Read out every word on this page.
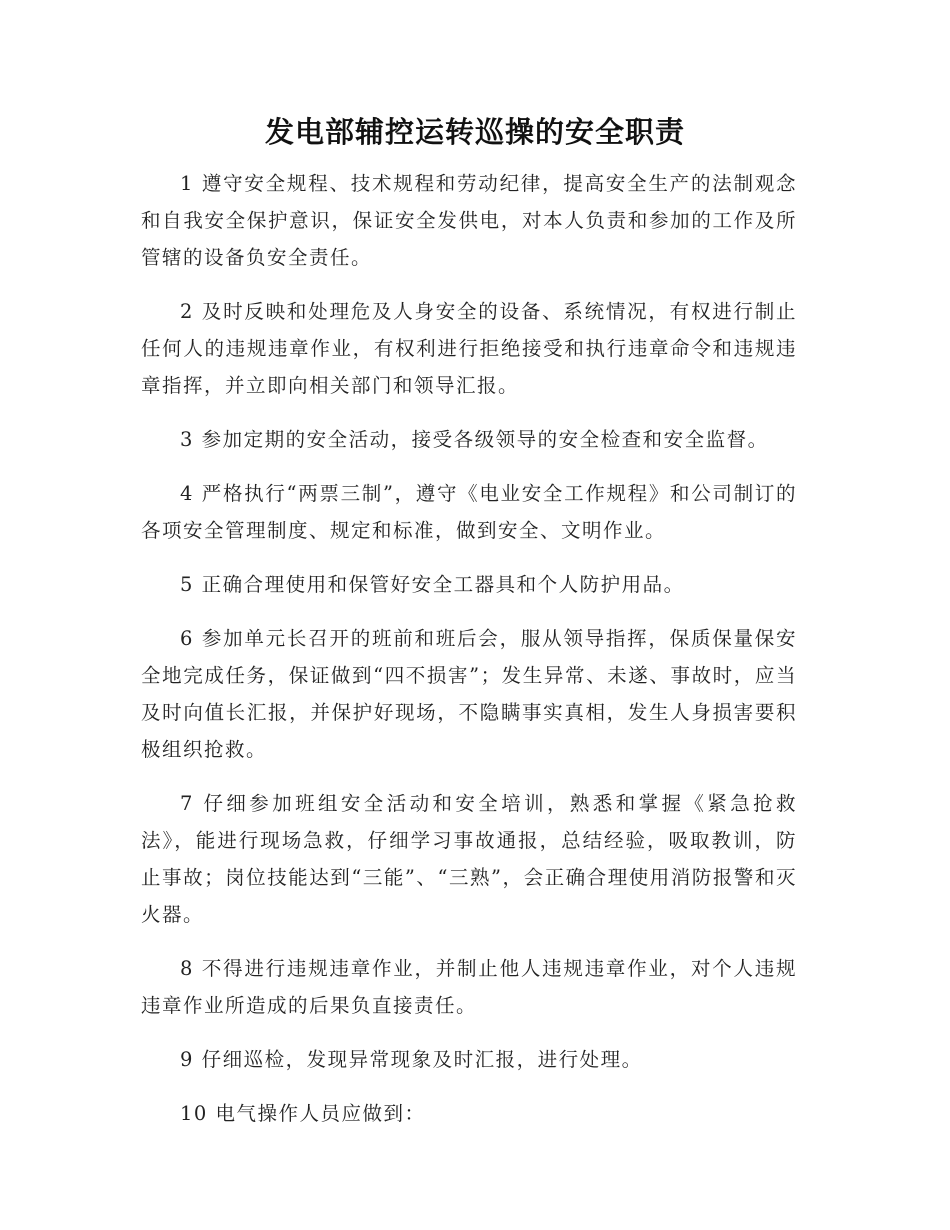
发电部辅控运转巡操的安全职责

1 遵守安全规程、技术规程和劳动纪律，提高安全生产的法制观念和自我安全保护意识，保证安全发供电，对本人负责和参加的工作及所管辖的设备负安全责任。

2 及时反映和处理危及人身安全的设备、系统情况，有权进行制止任何人的违规违章作业，有权利进行拒绝接受和执行违章命令和违规违章指挥，并立即向相关部门和领导汇报。

3 参加定期的安全活动，接受各级领导的安全检查和安全监督。

4 严格执行“两票三制”，遵守《电业安全工作规程》和公司制订的各项安全管理制度、规定和标准，做到安全、文明作业。

5 正确合理使用和保管好安全工器具和个人防护用品。

6 参加单元长召开的班前和班后会，服从领导指挥，保质保量保安全地完成任务，保证做到“四不损害”；发生异常、未遂、事故时，应当及时向值长汇报，并保护好现场，不隐瞒事实真相，发生人身损害要积极组织抢救。

7 仔细参加班组安全活动和安全培训，熟悉和掌握《紧急抢救法》，能进行现场急救，仔细学习事故通报，总结经验，吸取教训，防止事故；岗位技能达到“三能”、“三熟”，会正确合理使用消防报警和灭火器。

8 不得进行违规违章作业，并制止他人违规违章作业，对个人违规违章作业所造成的后果负直接责任。

9 仔细巡检，发现异常现象及时汇报，进行处理。

10 电气操作人员应做到：
